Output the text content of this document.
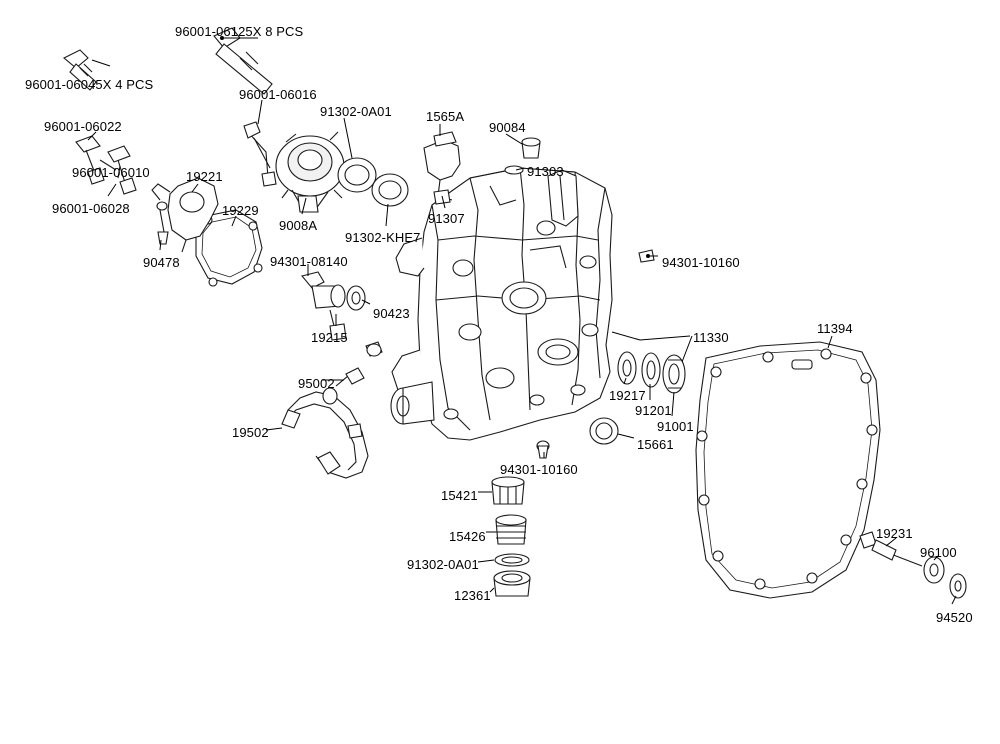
96001-06125X 8 PCS
96001-06045X 4 PCS
96001-06016
91302-0A01	1565A
90084
96001-06022
96001-06010	91303
19221
96001-06028	19229
9008A	91307
91302-KHE7
90478	94301-10160
94301-08140
90423
19215	11330
11394
95002
19217
91201
91001
19502
15661
94301-10160
15421
15426	19231
96100
91302-0A01
12361
94520
